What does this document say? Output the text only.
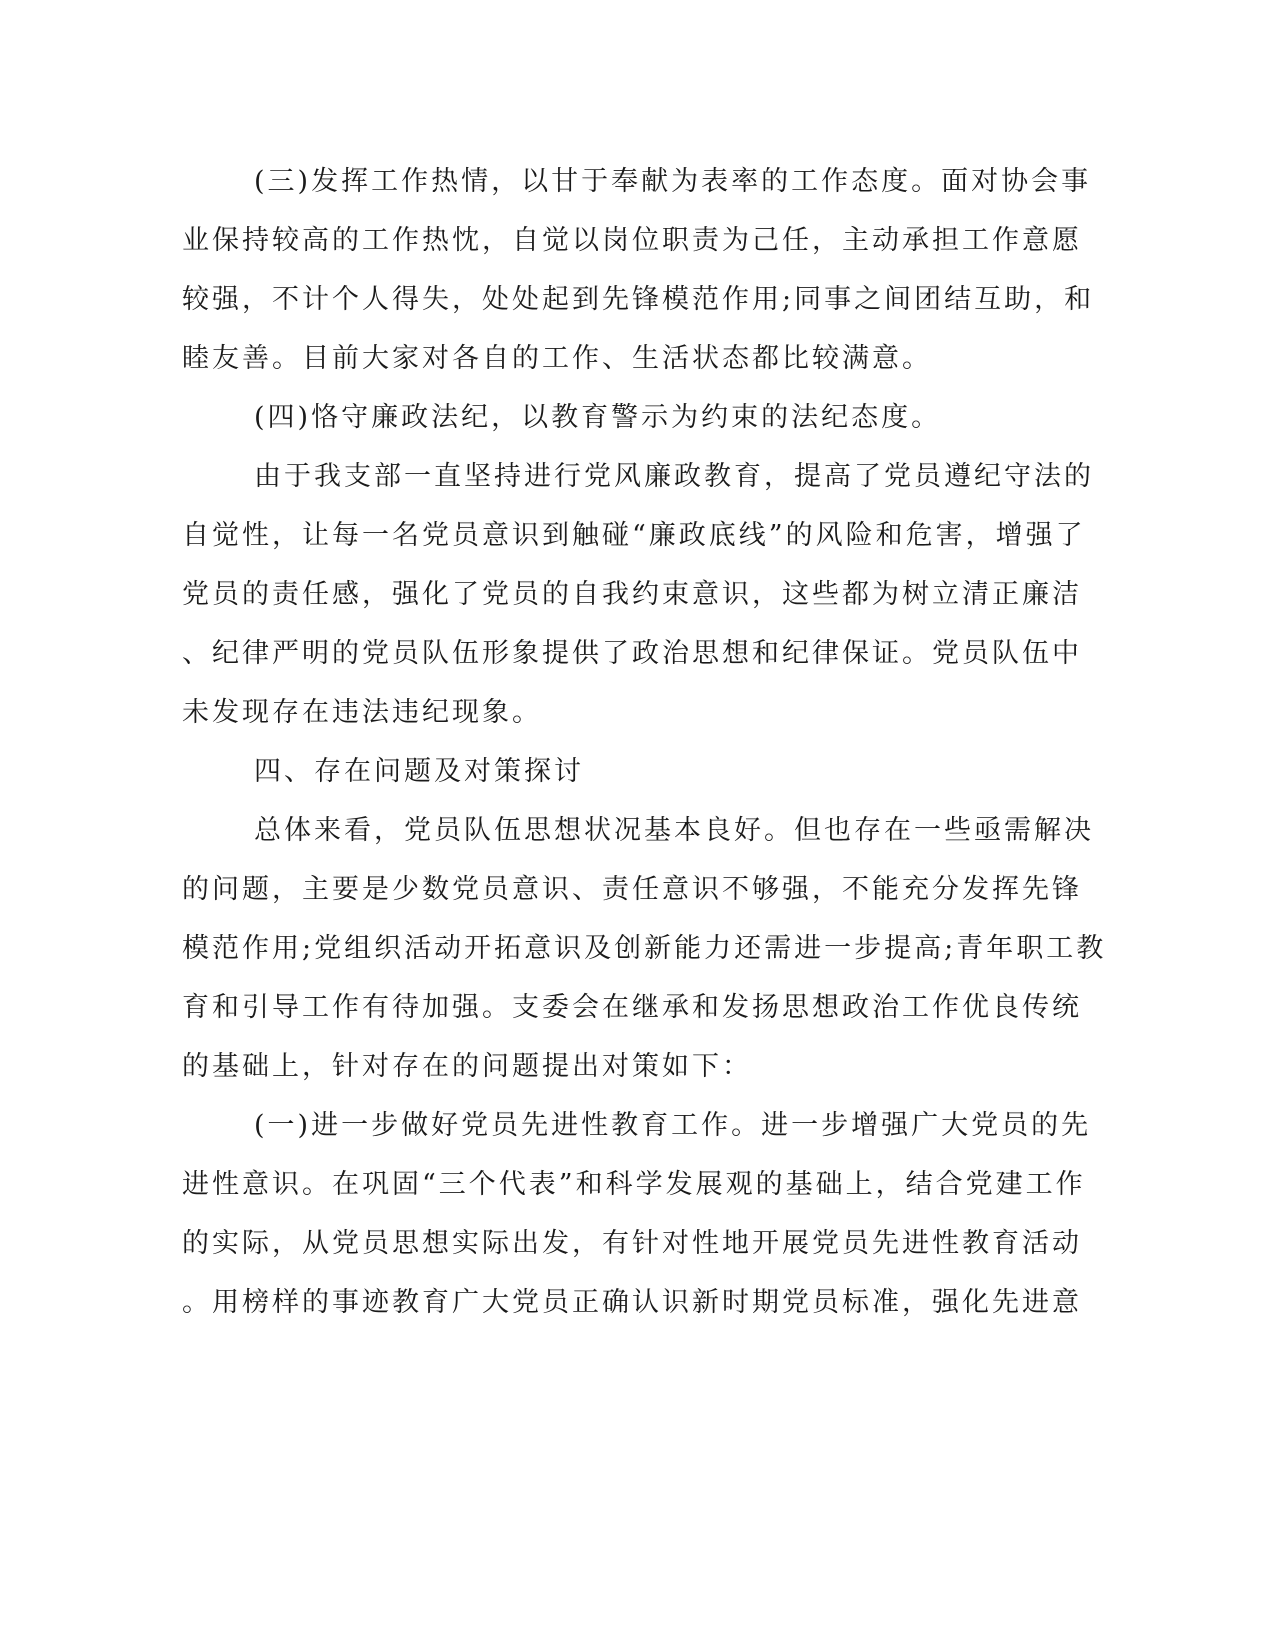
(三)发挥工作热情，以甘于奉献为表率的工作态度。面对协会事
业保持较高的工作热忱，自觉以岗位职责为己任，主动承担工作意愿
较强，不计个人得失，处处起到先锋模范作用;同事之间团结互助，和
睦友善。目前大家对各自的工作、生活状态都比较满意。

(四)恪守廉政法纪，以教育警示为约束的法纪态度。

由于我支部一直坚持进行党风廉政教育，提高了党员遵纪守法的
自觉性，让每一名党员意识到触碰“廉政底线”的风险和危害，增强了
党员的责任感，强化了党员的自我约束意识，这些都为树立清正廉洁
、纪律严明的党员队伍形象提供了政治思想和纪律保证。党员队伍中
未发现存在违法违纪现象。

四、存在问题及对策探讨

总体来看，党员队伍思想状况基本良好。但也存在一些亟需解决
的问题，主要是少数党员意识、责任意识不够强，不能充分发挥先锋
模范作用;党组织活动开拓意识及创新能力还需进一步提高;青年职工教
育和引导工作有待加强。支委会在继承和发扬思想政治工作优良传统
的基础上，针对存在的问题提出对策如下：

(一)进一步做好党员先进性教育工作。进一步增强广大党员的先
进性意识。在巩固“三个代表”和科学发展观的基础上，结合党建工作
的实际，从党员思想实际出发，有针对性地开展党员先进性教育活动
。用榜样的事迹教育广大党员正确认识新时期党员标准，强化先进意
